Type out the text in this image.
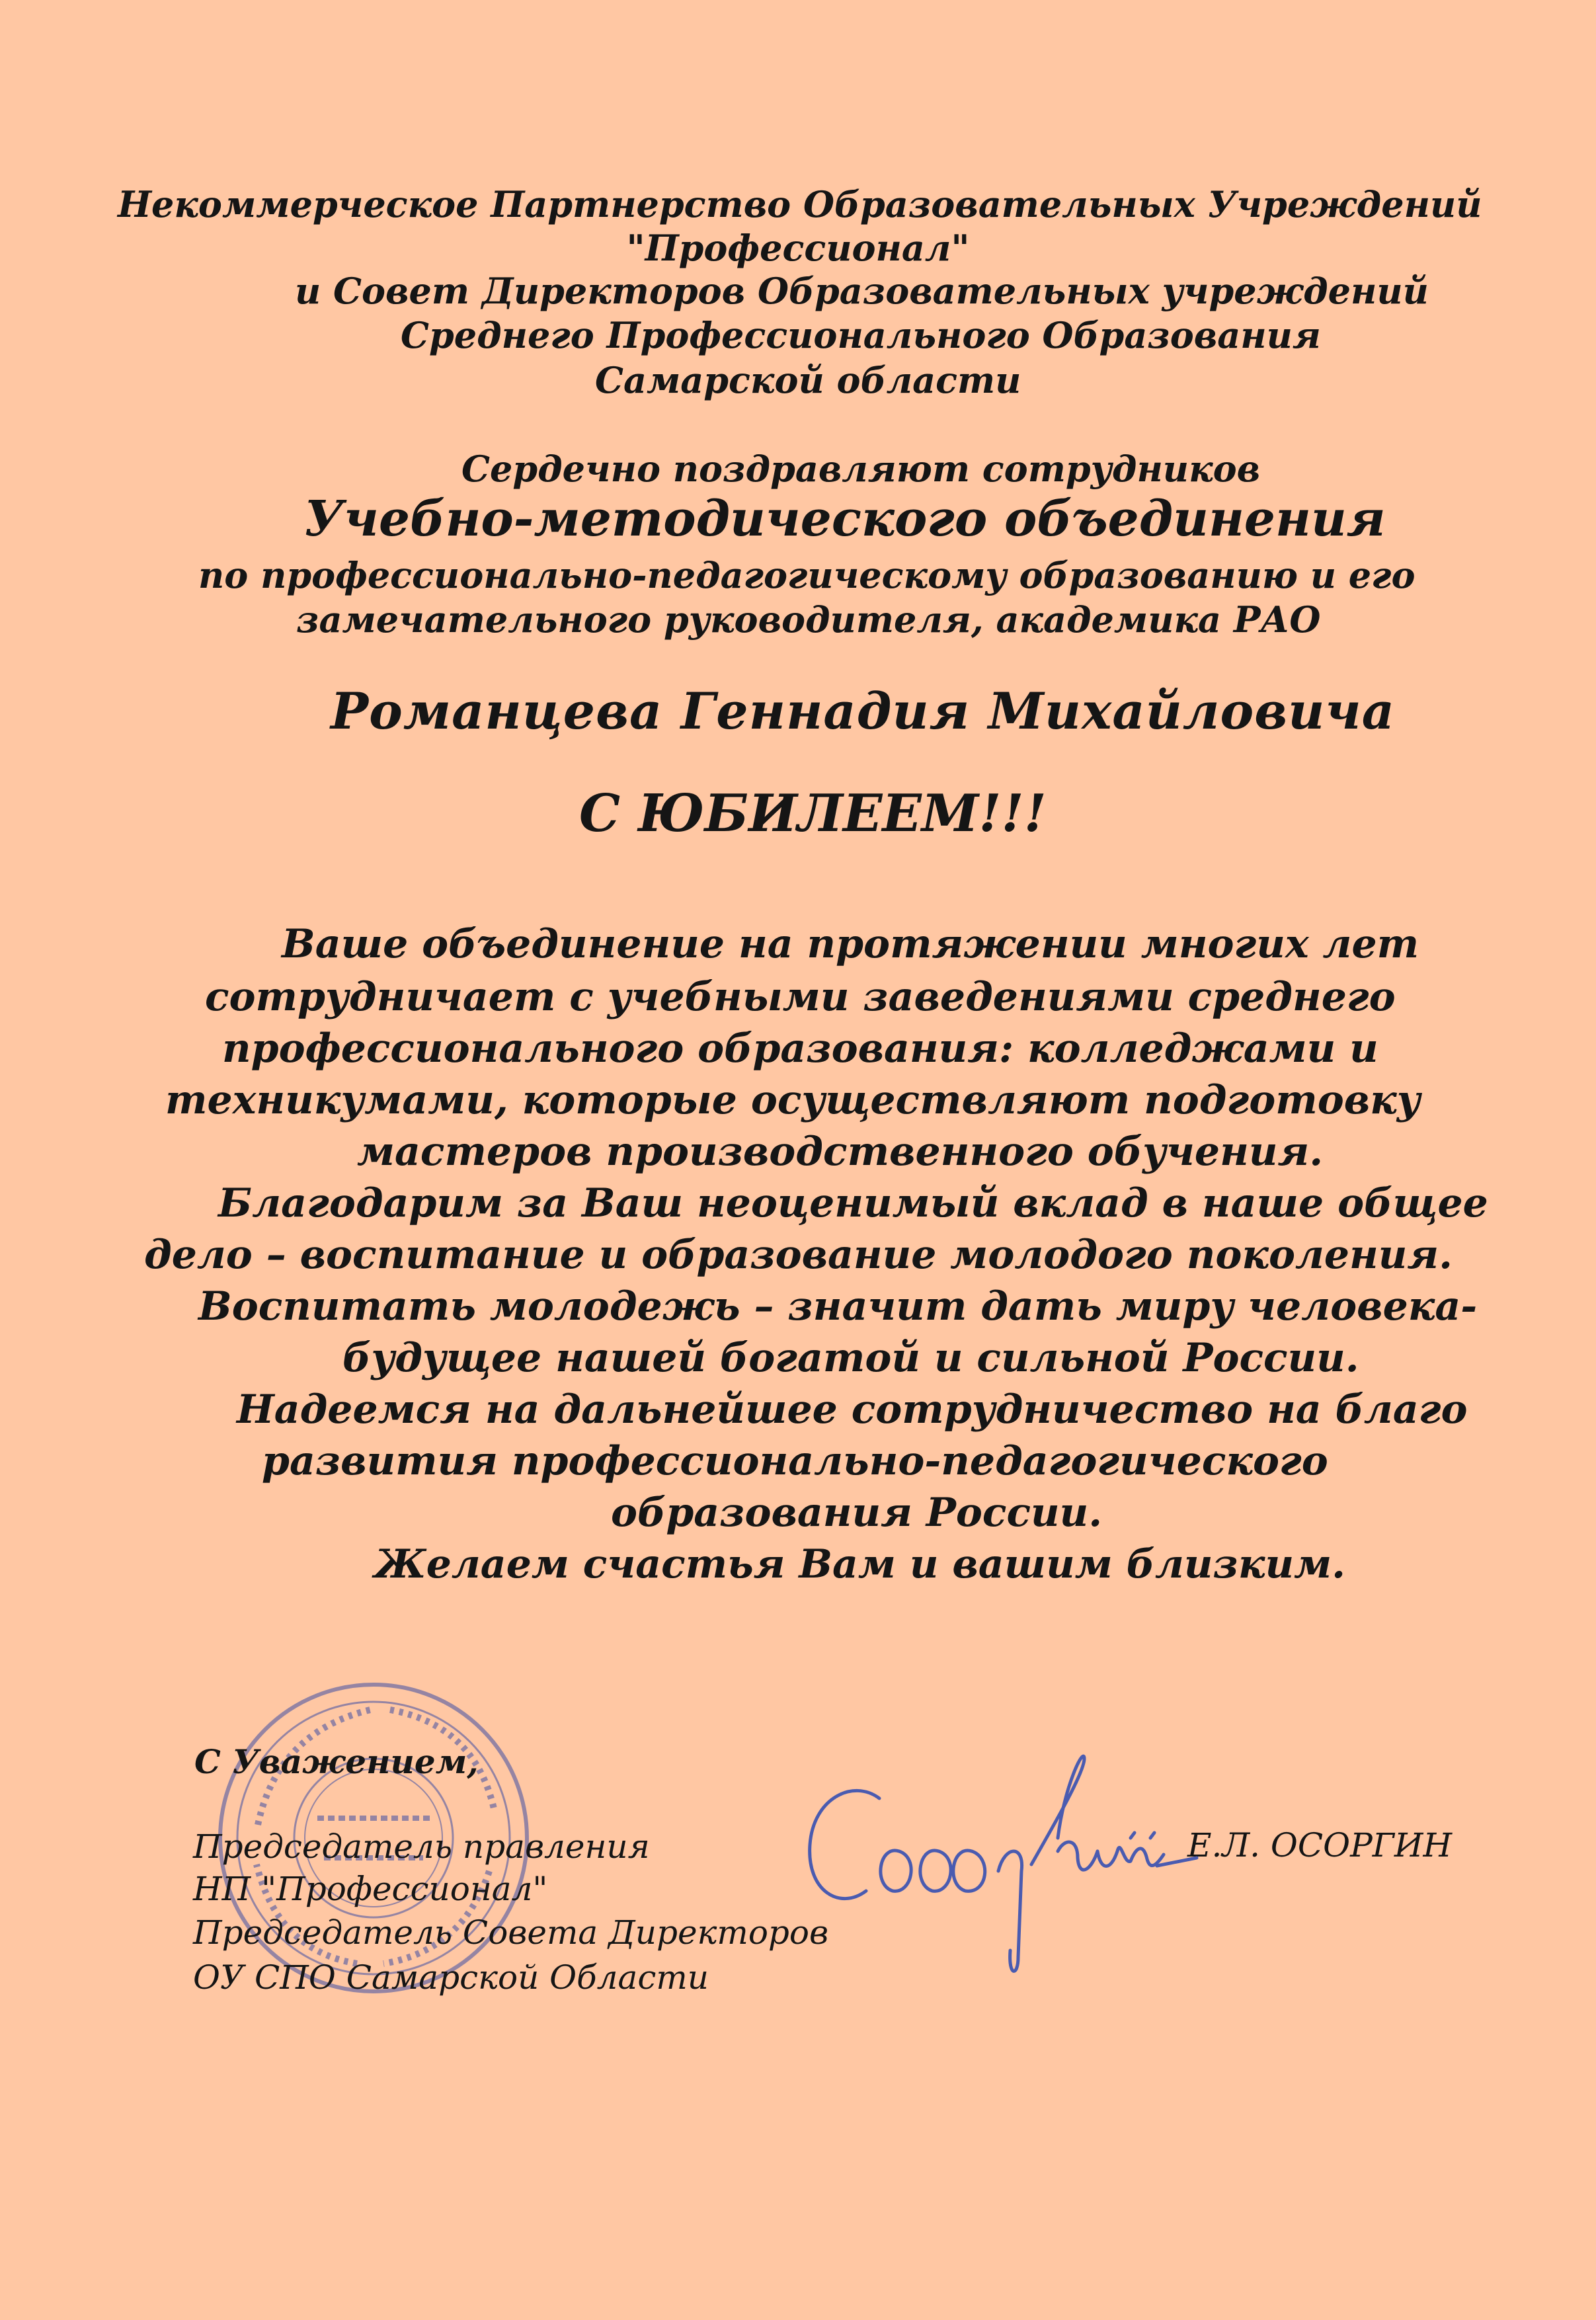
Некоммерческое Партнерство Образовательных Учреждений
"Профессионал"
и Совет Директоров Образовательных учреждений
Среднего Профессионального Образования
Самарской области
Сердечно поздравляют сотрудников
Учебно-методического объединения
по профессионально-педагогическому образованию и его
замечательного руководителя, академика РАО
Романцева Геннадия Михайловича
С ЮБИЛЕЕМ!!!
Ваше объединение на протяжении многих лет
сотрудничает с учебными заведениями среднего
профессионального образования: колледжами и
техникумами, которые осуществляют подготовку
мастеров производственного обучения.
Благодарим за Ваш неоценимый вклад в наше общее
дело – воспитание и образование молодого поколения.
Воспитать молодежь – значит дать миру человека-
будущее нашей богатой и сильной России.
Надеемся на дальнейшее сотрудничество на благо
развития профессионально-педагогического
образования России.
Желаем счастья Вам и вашим близким.
С Уважением,
Председатель правления
НП "Профессионал"
Председатель Совета Директоров
ОУ СПО Самарской Области
Е.Л. ОСОРГИН
